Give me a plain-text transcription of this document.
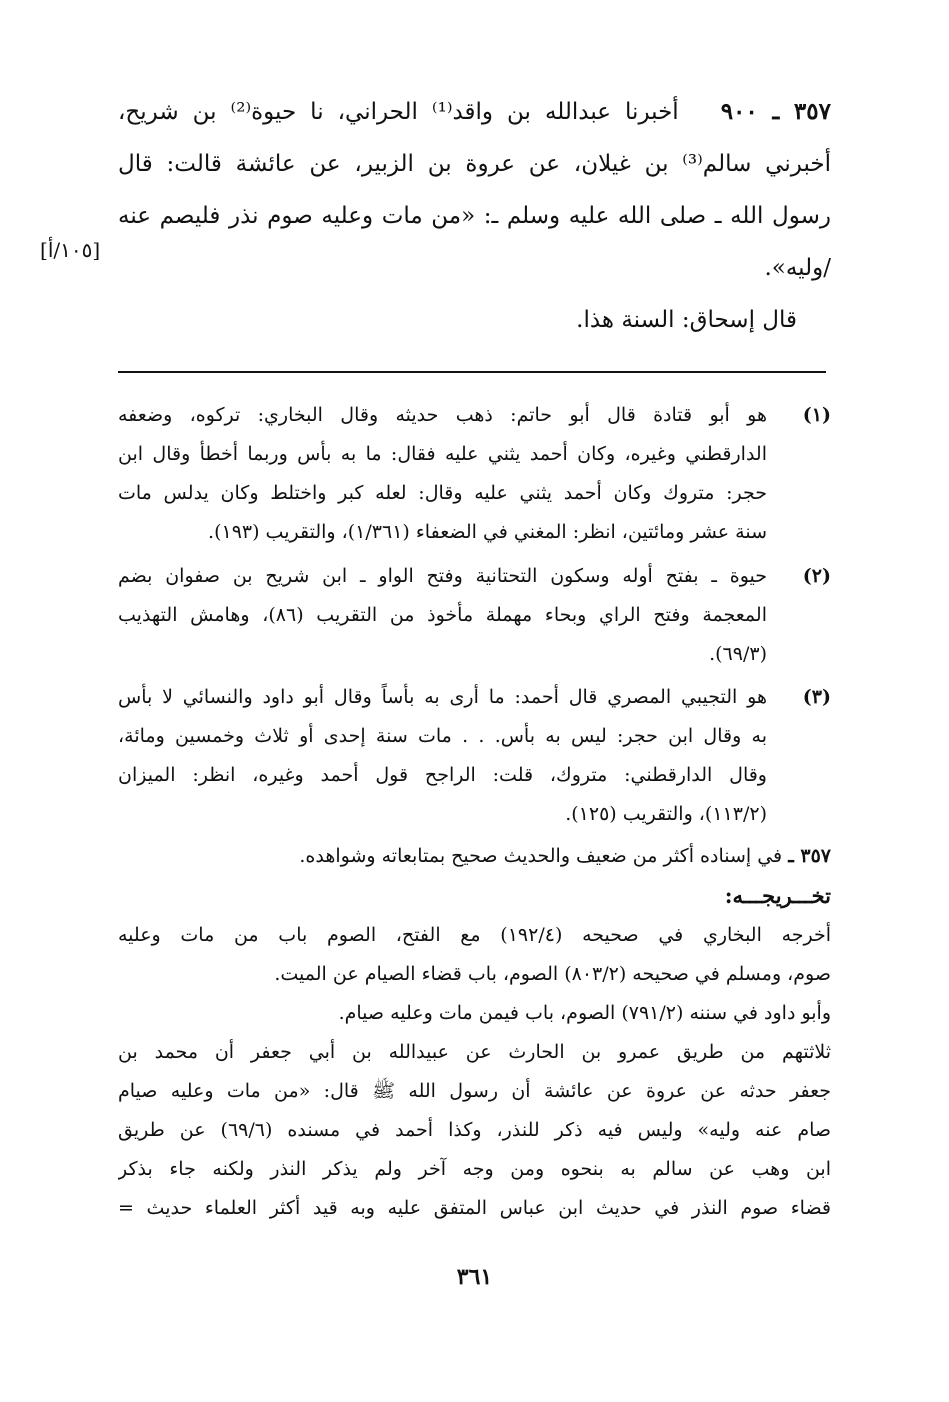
٣٥٧ ـ ٩٠٠   أخبرنا عبدالله بن واقد⁽¹⁾ الحراني، نا حيوة⁽²⁾ بن شريح،
أخبرني سالم⁽³⁾ بن غيلان، عن عروة بن الزبير، عن عائشة قالت: قال
رسول الله ـ صلى الله عليه وسلم ـ: «من مات وعليه صوم نذر فليصم عنه
/وليه».
قال إسحاق: السنة هذا.
[١٠٥/أ]
(١)
هو أبو قتادة قال أبو حاتم: ذهب حديثه وقال البخاري: تركوه، وضعفه
الدارقطني وغيره، وكان أحمد يثني عليه فقال: ما به بأس وربما أخطأ وقال ابن
حجر: متروك وكان أحمد يثني عليه وقال: لعله كبر واختلط وكان يدلس مات
سنة عشر ومائتين، انظر: المغني في الضعفاء (١/٣٦١)، والتقريب (١٩٣).
(٢)
حيوة ـ بفتح أوله وسكون التحتانية وفتح الواو ـ ابن شريح بن صفوان بضم
المعجمة وفتح الراي وبحاء مهملة مأخوذ من التقريب (٨٦)، وهامش التهذيب
(٦٩/٣).
(٣)
هو التجيبي المصري قال أحمد: ما أرى به بأساً وقال أبو داود والنسائي لا بأس
به وقال ابن حجر: ليس به بأس. . . مات سنة إحدى أو ثلاث وخمسين ومائة،
وقال الدارقطني: متروك، قلت: الراجح قول أحمد وغيره، انظر: الميزان
(١١٣/٢)، والتقريب (١٢٥).
٣٥٧ ـ في إسناده أكثر من ضعيف والحديث صحيح بمتابعاته وشواهده.
تخـــريجـــه:
أخرجه البخاري في صحيحه (١٩٢/٤) مع الفتح، الصوم باب من مات وعليه
صوم، ومسلم في صحيحه (٨٠٣/٢) الصوم، باب قضاء الصيام عن الميت.
وأبو داود في سننه (٧٩١/٢) الصوم، باب فيمن مات وعليه صيام.
ثلاثتهم من طريق عمرو بن الحارث عن عبيدالله بن أبي جعفر أن محمد بن
جعفر حدثه عن عروة عن عائشة أن رسول الله ﷺ قال: «من مات وعليه صيام
صام عنه وليه» وليس فيه ذكر للنذر، وكذا أحمد في مسنده (٦٩/٦) عن طريق
ابن وهب عن سالم به بنحوه ومن وجه آخر ولم يذكر النذر ولكنه جاء بذكر
قضاء صوم النذر في حديث ابن عباس المتفق عليه وبه قيد أكثر العلماء حديث =
٣٦١
